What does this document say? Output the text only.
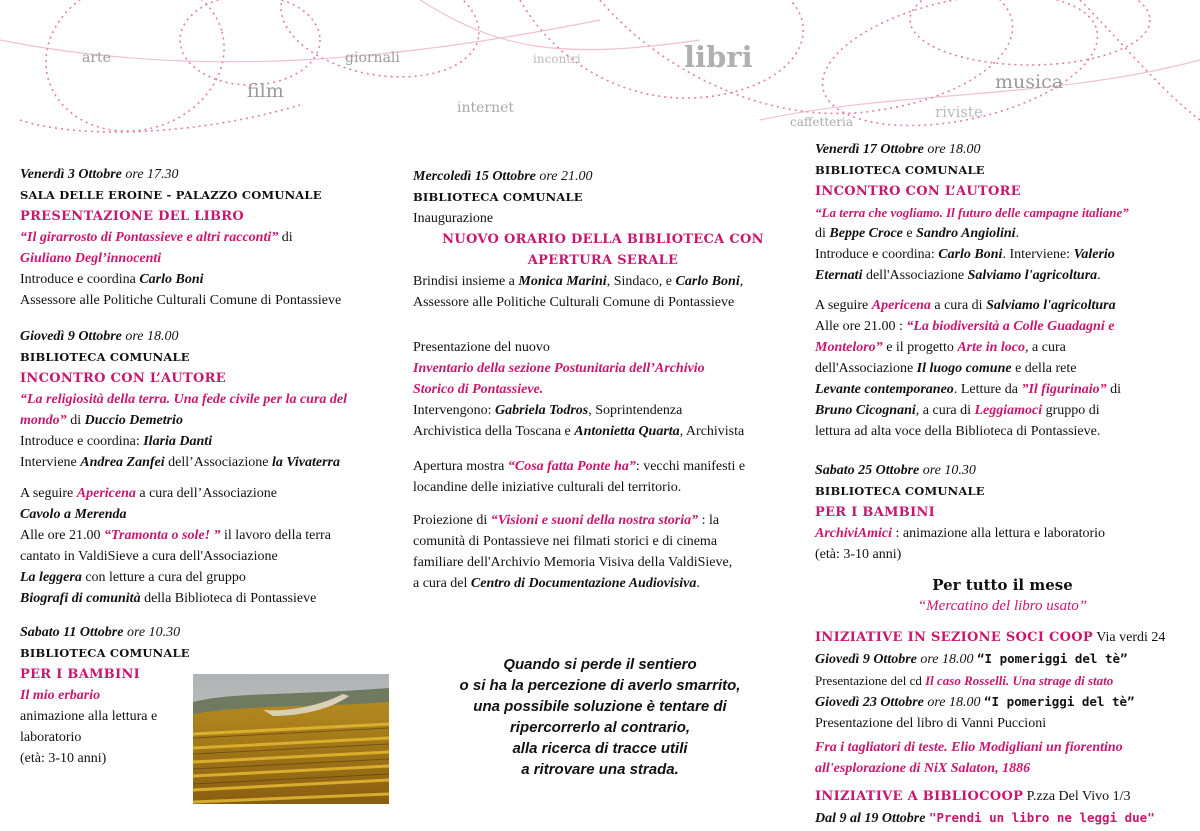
arte
film
giornali	incontri
internet
libri
caffetteria
riviste
musica

Venerdì 3 Ottobre ore 17.30

SALA DELLE EROINE - PALAZZO COMUNALE

PRESENTAZIONE DEL LIBRO

“Il girarrosto di Pontassieve e altri racconti” di

Giuliano Degl’innocenti

Introduce e coordina Carlo Boni

Assessore alle Politiche Culturali Comune di Pontassieve

Giovedì 9 Ottobre ore 18.00

BIBLIOTECA COMUNALE

INCONTRO CON L’AUTORE

“La religiosità della terra. Una fede civile per la cura del mondo” di Duccio Demetrio

Introduce e coordina: Ilaria Danti

Interviene Andrea Zanfei dell’Associazione la Vivaterra

A seguire Apericena a cura dell’Associazione

Cavolo a Merenda

Alle ore 21.00 “Tramonta o sole! ” il lavoro della terra

cantato in ValdiSieve a cura dell'Associazione

La leggera con letture a cura del gruppo

Biografi di comunità della Biblioteca di Pontassieve

Sabato 11 Ottobre ore 10.30

BIBLIOTECA COMUNALE

PER I BAMBINI

Il mio erbario

animazione alla lettura e

laboratorio

(età: 3-10 anni)

Mercoledì 15 Ottobre ore 21.00

BIBLIOTECA COMUNALE

Inaugurazione

NUOVO ORARIO DELLA BIBLIOTECA CON

APERTURA SERALE

Brindisi insieme a Monica Marini, Sindaco, e Carlo Boni,

Assessore alle Politiche Culturali Comune di Pontassieve

Presentazione del nuovo

Inventario della sezione Postunitaria dell’Archivio

Storico di Pontassieve.

Intervengono: Gabriela Todros, Soprintendenza

Archivistica della Toscana e Antonietta Quarta, Archivista

Apertura mostra “Cosa fatta Ponte ha”: vecchi manifesti e

locandine delle iniziative culturali del territorio.

Proiezione di “Visioni e suoni della nostra storia” : la

comunità di Pontassieve nei filmati storici e di cinema

familiare dell'Archivio Memoria Visiva della ValdiSieve,

a cura del Centro di Documentazione Audiovisiva.

Quando si perde il sentiero
o si ha la percezione di averlo smarrito,
una possibile soluzione è tentare di
ripercorrerlo al contrario,
alla ricerca di tracce utili
a ritrovare una strada.

Venerdì 17 Ottobre ore 18.00

BIBLIOTECA COMUNALE

INCONTRO CON L’AUTORE

“La terra che vogliamo. Il futuro delle campagne italiane”

di Beppe Croce e Sandro Angiolini.

Introduce e coordina: Carlo Boni. Interviene: Valerio

Eternati dell'Associazione Salviamo l'agricoltura.

A seguire Apericena a cura di Salviamo l'agricoltura

Alle ore 21.00 : “La biodiversità a Colle Guadagni e

Monteloro” e il progetto Arte in loco, a cura

dell'Associazione Il luogo comune e della rete

Levante contemporaneo. Letture da ”Il figurinaio” di

Bruno Cicognani, a cura di Leggiamoci gruppo di

lettura ad alta voce della Biblioteca di Pontassieve.

Sabato 25 Ottobre ore 10.30

BIBLIOTECA COMUNALE

PER I BAMBINI

ArchiviAmici : animazione alla lettura e laboratorio

(età: 3-10 anni)

Per tutto il mese

“Mercatino del libro usato”

INIZIATIVE IN SEZIONE SOCI COOP Via verdi 24

Giovedì 9 Ottobre ore 18.00 “I pomeriggi del tè”

Presentazione del cd Il caso Rosselli. Una strage di stato

Giovedì 23 Ottobre ore 18.00 “I pomeriggi del tè”

Presentazione del libro di Vanni Puccioni

Fra i tagliatori di teste. Elio Modigliani un fiorentino

all'esplorazione di NiX Salaton, 1886

INIZIATIVE A BIBLIOCOOP P.zza Del Vivo 1/3

Dal 9 al 19 Ottobre "Prendi un libro ne leggi due"
